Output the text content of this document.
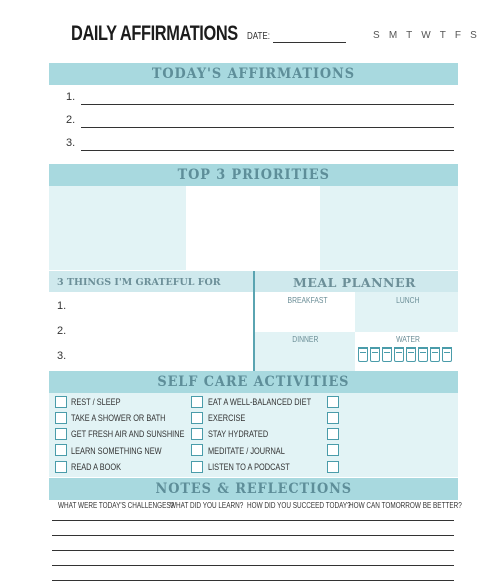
DAILY AFFIRMATIONS DATE:	S M T W T F S
TODAY'S AFFIRMATIONS
1.
2.
3.
TOP 3 PRIORITIES
3 THINGS I'M GRATEFUL FOR	MEAL PLANNER
1.
2.
3.
BREAKFAST	LUNCH
DINNER	WATER
SELF CARE ACTIVITIES
REST / SLEEP
TAKE A SHOWER OR BATH
GET FRESH AIR AND SUNSHINE
LEARN SOMETHING NEW
READ A BOOK
EAT A WELL-BALANCED DIET
EXERCISE
STAY HYDRATED
MEDITATE / JOURNAL
LISTEN TO A PODCAST
NOTES & REFLECTIONS
WHAT WERE TODAY'S CHALLENGES?
WHAT DID YOU LEARN? HOW DID YOU SUCCEED TODAY?
HOW CAN TOMORROW BE BETTER?
